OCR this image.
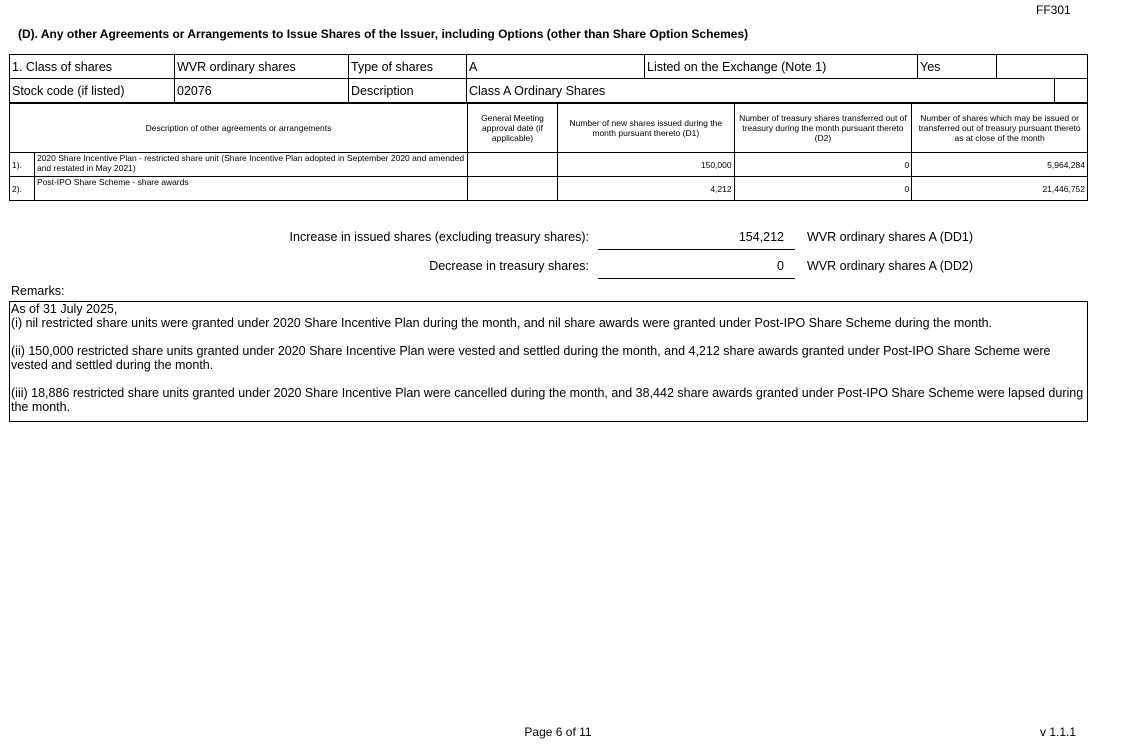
FF301
(D). Any other Agreements or Arrangements to Issue Shares of the Issuer, including Options (other than Share Option Schemes)
1. Class of shares	WVR ordinary shares	Type of shares	A	Listed on the Exchange (Note 1)	Yes		
Stock code (if listed)	02076	Description	Class A Ordinary Shares				
Description of other agreements or arrangements		General Meeting approval date (if applicable)	Number of new shares issued during the month pursuant thereto (D1)	Number of treasury shares transferred out of treasury during the month pursuant thereto (D2)	Number of shares which may be issued or transferred out of treasury pursuant thereto as at close of the month
1).	2020 Share Incentive Plan - restricted share unit (Share Incentive Plan adopted in September 2020 and amended and restated in May 2021)		150,000	0	5,964,284
2).	Post-IPO Share Scheme - share awards		4,212	0	21,446,752
Increase in issued shares (excluding treasury shares):	154,212 WVR ordinary shares A (DD1)
Decrease in treasury shares:	0 WVR ordinary shares A (DD2)
Remarks:

As of 31 July 2025,

(i) nil restricted share units were granted under 2020 Share Incentive Plan during the month, and nil share awards were granted under Post-IPO Share Scheme during the month.

(ii) 150,000 restricted share units granted under 2020 Share Incentive Plan were vested and settled during the month, and 4,212 share awards granted under Post-IPO Share Scheme were vested and settled during the month.

(iii) 18,886 restricted share units granted under 2020 Share Incentive Plan were cancelled during the month, and 38,442 share awards granted under Post-IPO Share Scheme were lapsed during the month.

Page 6 of 11	v 1.1.1
